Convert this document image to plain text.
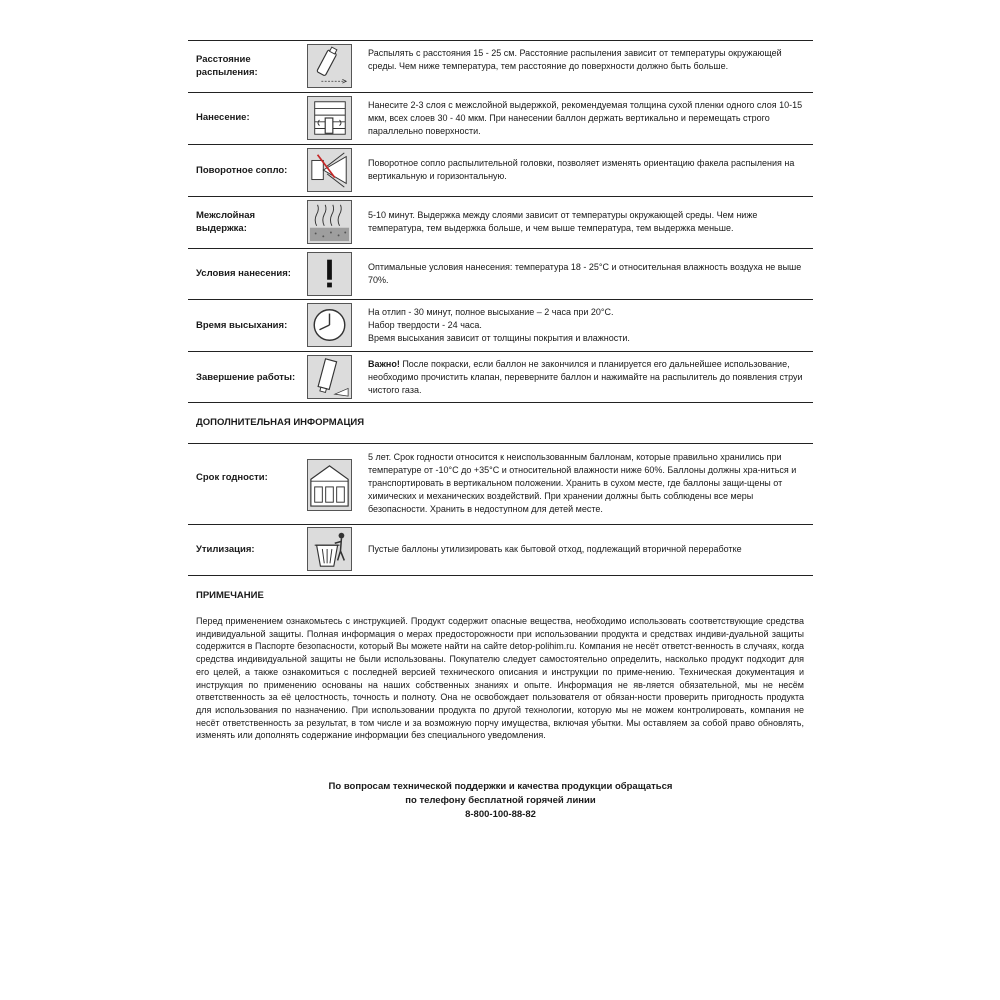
Расстояние распыления:
Распылять с расстояния 15 - 25 см. Расстояние распыления зависит от температуры окружающей среды. Чем ниже температура, тем расстояние до поверхности должно быть больше.
Нанесение:
Нанесите 2-3 слоя с межслойной выдержкой, рекомендуемая толщина сухой пленки одного слоя 10-15 мкм, всех слоев 30 - 40 мкм. При нанесении баллон держать вертикально и перемещать строго параллельно поверхности.
Поворотное сопло:
Поворотное сопло распылительной головки, позволяет изменять ориентацию факела распыления на вертикальную и горизонтальную.
Межслойная выдержка:
5-10 минут. Выдержка между слоями зависит от температуры окружающей среды. Чем ниже температура, тем выдержка больше, и чем выше температура, тем выдержка меньше.
Условия нанесения:
Оптимальные условия нанесения: температура 18 - 25°С и относительная влажность воздуха не выше 70%.
Время высыхания:
На отлип - 30 минут, полное высыхание – 2 часа при 20°С.
Набор твердости - 24 часа.
Время высыхания зависит от толщины покрытия и влажности.
Завершение работы:
Важно! После покраски, если баллон не закончился и планируется его дальнейшее использование, необходимо прочистить клапан, переверните баллон и нажимайте на распылитель до появления струи чистого газа.
ДОПОЛНИТЕЛЬНАЯ ИНФОРМАЦИЯ
Срок годности:
5 лет. Срок годности относится к неиспользованным баллонам, которые правильно хранились при температуре от -10°С до +35°С и относительной влажности ниже 60%. Баллоны должны хра-ниться и транспортировать в вертикальном положении. Хранить в сухом месте, где баллоны защи-щены от химических и механических воздействий. При хранении должны быть соблюдены все меры безопасности. Хранить в недоступном для детей месте.
Утилизация:	Пустые баллоны утилизировать как бытовой отход, подлежащий вторичной переработке
ПРИМЕЧАНИЕ
Перед применением ознакомьтесь с инструкцией. Продукт содержит опасные вещества, необходимо использовать соответствующие средства индивидуальной защиты. Полная информация о мерах предосторожности при использовании продукта и средствах индиви-дуальной защиты содержится в Паспорте безопасности, который Вы можете найти на сайте detop-polihim.ru. Компания не несёт ответст-венность в случаях, когда средства индивидуальной защиты не были использованы. Покупателю следует самостоятельно определить, насколько продукт подходит для его целей, а также ознакомиться с последней версией технического описания и инструкции по приме-нению. Техническая документация и инструкция по применению основаны на наших собственных знаниях и опыте. Информация не яв-ляется обязательной, мы не несём ответственность за её целостность, точность и полноту. Она не освобождает пользователя от обязан-ности проверить пригодность продукта для использования по назначению. При использовании продукта по другой технологии, которую мы не можем контролировать, компания не несёт ответственность за результат, в том числе и за возможную порчу имущества, включая убытки. Мы оставляем за собой право обновлять, изменять или дополнять содержание информации без специального уведомления.
По вопросам технической поддержки и качества продукции обращаться
по телефону бесплатной горячей линии
8-800-100-88-82
